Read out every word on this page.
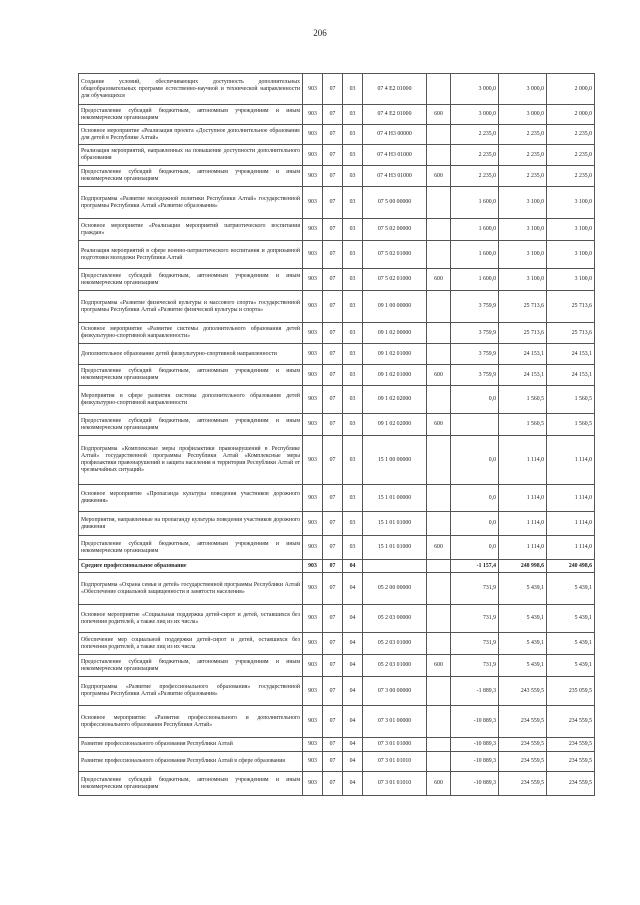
206
Создание условий, обеспечивающих доступность дополнительных общеобразовательных программ естественно-научной и технической направленности для обучающихся	903	07	03	07 4 E2 01000		3 000,0	3 000,0	2 000,0
Предоставление субсидий бюджетным, автономным учреждениям и иным некоммерческим организациям	903	07	03	07 4 E2 01000	600	3 000,0	3 000,0	2 000,0
Основное мероприятие «Реализация проекта «Доступное дополнительное образование для детей в Республике Алтай»	903	07	03	07 4 Н3 00000		2 235,0	2 235,0	2 235,0
Реализация мероприятий, направленных на повышение доступности дополнительного образования	903	07	03	07 4 Н3 01000		2 235,0	2 235,0	2 235,0
Предоставление субсидий бюджетным, автономным учреждениям и иным некоммерческим организациям	903	07	03	07 4 Н3 01000	600	2 235,0	2 235,0	2 235,0
Подпрограмма «Развитие молодежной политики Республики Алтай» государственной программы Республики Алтай «Развитие образования»	903	07	03	07 5 00 00000		1 600,0	3 100,0	3 100,0
Основное мероприятие «Реализация мероприятий патриотического воспитания граждан»	903	07	03	07 5 02 00000		1 600,0	3 100,0	3 100,0
Реализация мероприятий в сфере военно-патриотического воспитания и допризывной подготовки молодежи Республики Алтай	903	07	03	07 5 02 01000		1 600,0	3 100,0	3 100,0
Предоставление субсидий бюджетным, автономным учреждениям и иным некоммерческим организациям	903	07	03	07 5 02 01000	600	1 600,0	3 100,0	3 100,0
Подпрограмма «Развитие физической культуры и массового спорта» государственной программы Республики Алтай «Развитие физической культуры и спорта»	903	07	03	09 1 00 00000		3 759,9	25 713,6	25 713,6
Основное мероприятие «Развитие системы дополнительного образования детей физкультурно-спортивной направленности»	903	07	03	09 1 02 00000		3 759,9	25 713,6	25 713,6
Дополнительное образование детей физкультурно-спортивной направленности	903	07	03	09 1 02 01000		3 759,9	24 153,1	24 153,1
Предоставление субсидий бюджетным, автономным учреждениям и иным некоммерческим организациям	903	07	03	09 1 02 01000	600	3 759,9	24 153,1	24 153,1
Мероприятия в сфере развития системы дополнительного образования детей физкультурно-спортивной направленности	903	07	03	09 1 02 02000		0,0	1 560,5	1 560,5
Предоставление субсидий бюджетным, автономным учреждениям и иным некоммерческим организациям	903	07	03	09 1 02 02000	600		1 560,5	1 560,5
Подпрограмма «Комплексные меры профилактики правонарушений в Республике Алтай» государственной программы Республики Алтай «Комплексные меры профилактики правонарушений и защита населения и территории Республики Алтай от чрезвычайных ситуаций»	903	07	03	15 1 00 00000		0,0	1 114,0	1 114,0
Основное мероприятие «Пропаганда культуры поведения участников дорожного движения»	903	07	03	15 1 01 00000		0,0	1 114,0	1 114,0
Мероприятия, направленные на пропаганду культуры поведения участников дорожного движения	903	07	03	15 1 01 01000		0,0	1 114,0	1 114,0
Предоставление субсидий бюджетным, автономным учреждениям и иным некоммерческим организациям	903	07	03	15 1 01 01000	600	0,0	1 114,0	1 114,0
Среднее профессиональное образование	903	07	04			-1 157,4	248 998,6	240 498,6
Подпрограмма «Охрана семьи и детей» государственной программы Республики Алтай «Обеспечение социальной защищенности и занятости населения»	903	07	04	05 2 00 00000		731,9	5 439,1	5 439,1
Основное мероприятие «Социальная поддержка детей-сирот и детей, оставшихся без попечения родителей, а также лиц из их числа»	903	07	04	05 2 03 00000		731,9	5 439,1	5 439,1
Обеспечение мер социальной поддержки детей-сирот и детей, оставшихся без попечения родителей, а также лиц из их числа	903	07	04	05 2 03 01000		731,9	5 439,1	5 439,1
Предоставление субсидий бюджетным, автономным учреждениям и иным некоммерческим организациям	903	07	04	05 2 03 01000	600	731,9	5 439,1	5 439,1
Подпрограмма «Развитие профессионального образования» государственной программы Республики Алтай «Развитие образования»	903	07	04	07 3 00 00000		-1 889,3	243 559,5	235 059,5
Основное мероприятие «Развитие профессионального и дополнительного профессионального образования Республики Алтай»	903	07	04	07 3 01 00000		-10 889,3	234 559,5	234 559,5
Развитие профессионального образования Республики Алтай	903	07	04	07 3 01 01000		-10 889,3	234 559,5	234 559,5
Развитие профессионального образования Республики Алтай в сфере образования	903	07	04	07 3 01 01010		-10 889,3	234 559,5	234 559,5
Предоставление субсидий бюджетным, автономным учреждениям и иным некоммерческим организациям	903	07	04	07 3 01 01010	600	-10 889,3	234 559,5	234 559,5
